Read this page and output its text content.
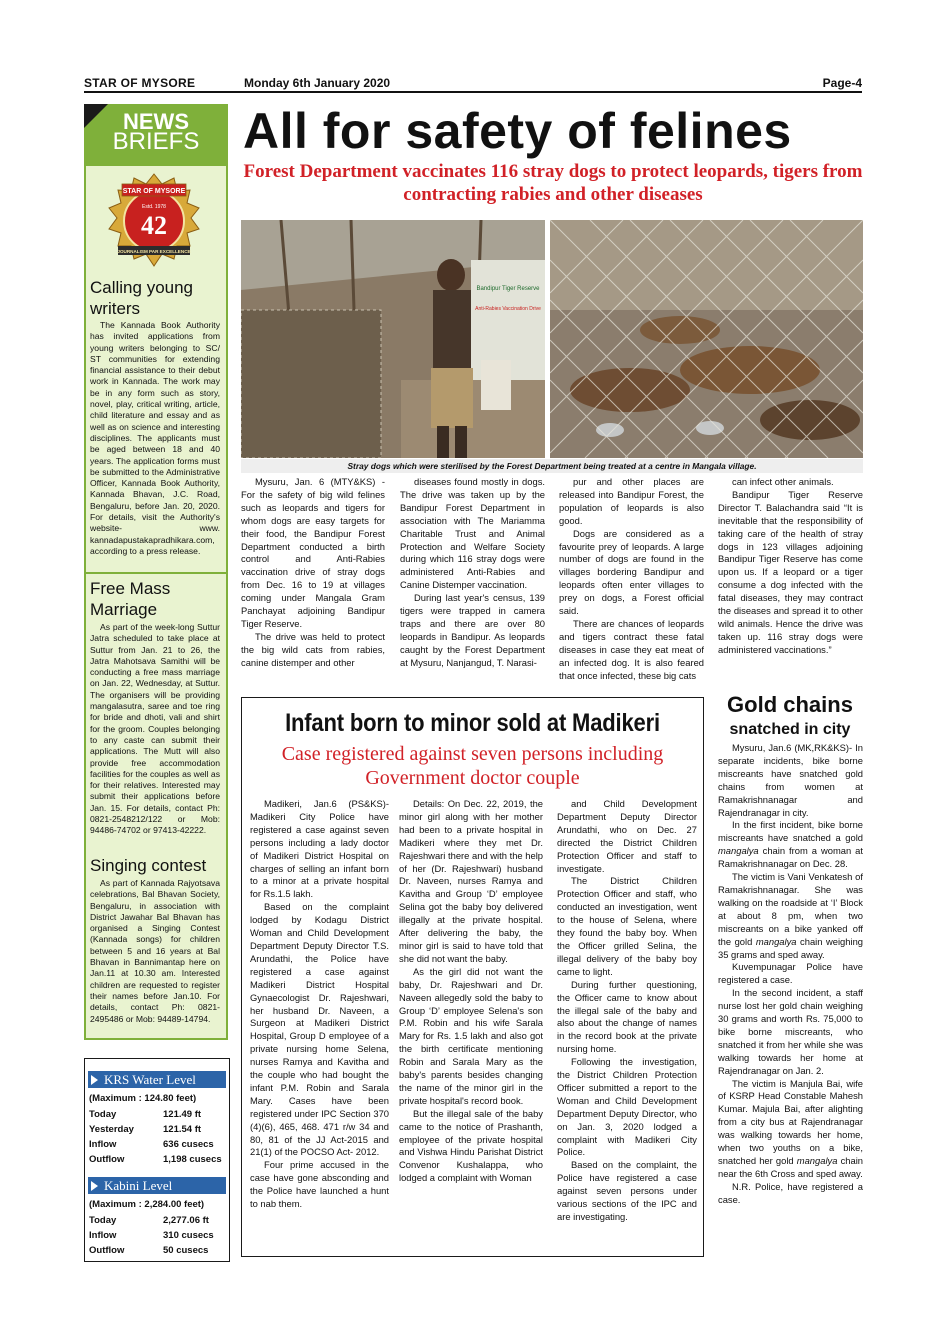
STAR OF MYSORE	Monday 6th January 2020	Page-4
NEWS
BRIEFS
STAR OF MYSORE
Estd. 1978
42
JOURNALISM PAR EXCELLENCE
Calling young writers
The Kannada Book Authority has invited applications from young writers belonging to SC/ ST communities for extending financial assistance to their debut work in Kannada. The work may be in any form such as story, novel, play, critical writing, article, child literature and essay and as well as on science and interesting disciplines. The applicants must be aged between 18 and 40 years. The application forms must be submitted to the Administrative Officer, Kannada Book Authority, Kannada Bhavan, J.C. Road, Bengaluru, before Jan. 20, 2020. For details, visit the Authority's website- www. kannadapustakapradhikara.com, according to a press release.
Free Mass Marriage
As part of the week-long Suttur Jatra scheduled to take place at Suttur from Jan. 21 to 26, the Jatra Mahotsava Samithi will be conducting a free mass marriage on Jan. 22, Wednesday, at Suttur. The organisers will be providing mangalasutra, saree and toe ring for bride and dhoti, vali and shirt for the groom. Couples belonging to any caste can submit their applications. The Mutt will also provide free accommodation facilities for the couples as well as for their relatives. Interested may submit their applications before Jan. 15. For details, contact Ph: 0821-2548212/122 or Mob: 94486-74702 or 97413-42222.
Singing contest
As part of Kannada Rajyotsava celebrations, Bal Bhavan Society, Bengaluru, in association with District Jawahar Bal Bhavan has organised a Singing Contest (Kannada songs) for children between 5 and 16 years at Bal Bhavan in Bannimantap here on Jan.11 at 10.30 am. Interested children are requested to register their names before Jan.10. For details, contact Ph: 0821-2495486 or Mob: 94489-14794.
KRS Water Level
(Maximum : 124.80 feet)
Today	121.49 ft
Yesterday	121.54 ft
Inflow	636 cusecs
Outflow	1,198 cusecs
Kabini Level
(Maximum : 2,284.00 feet)
Today	2,277.06 ft
Inflow	310 cusecs
Outflow	50 cusecs
All for safety of felines
Forest Department vaccinates 116 stray dogs to protect leopards, tigers from contracting rabies and other diseases
Bandipur Tiger Reserve
Anti-Rabies Vaccination Drive
Stray dogs which were sterilised by the Forest Department being treated at a centre in Mangala village.

Mysuru, Jan. 6 (MTY&KS) - For the safety of big wild felines such as leopards and tigers for whom dogs are easy targets for their food, the Bandipur Forest Department conducted a birth control and Anti-Rabies vaccination drive of stray dogs from Dec. 16 to 19 at villages coming under Mangala Gram Panchayat adjoining Bandipur Tiger Reserve.

The drive was held to protect the big wild cats from rabies, canine distemper and other

diseases found mostly in dogs. The drive was taken up by the Bandipur Forest Department in association with The Mariamma Charitable Trust and Animal Protection and Welfare Society during which 116 stray dogs were administered Anti-Rabies and Canine Distemper vaccination.

During last year's census, 139 tigers were trapped in camera traps and there are over 80 leopards in Bandipur. As leopards caught by the Forest Department at Mysuru, Nanjangud, T. Narasi-

pur and other places are released into Bandipur Forest, the population of leopards is also good.

Dogs are considered as a favourite prey of leopards. A large number of dogs are found in the villages bordering Bandipur and leopards often enter villages to prey on dogs, a Forest official said.

There are chances of leopards and tigers contract these fatal diseases in case they eat meat of an infected dog. It is also feared that once infected, these big cats

can infect other animals.

Bandipur Tiger Reserve Director T. Balachandra said “It is inevitable that the responsibility of taking care of the health of stray dogs in 123 villages adjoining Bandipur Tiger Reserve has come upon us. If a leopard or a tiger consume a dog infected with the fatal diseases, they may contract the diseases and spread it to other wild animals. Hence the drive was taken up. 116 stray dogs were administered vaccinations.”

Infant born to minor sold at Madikeri
Case registered against seven persons including Government doctor couple

Madikeri, Jan.6 (PS&KS)- Madikeri City Police have registered a case against seven persons including a lady doctor of Madikeri District Hospital on charges of selling an infant born to a minor at a private hospital for Rs.1.5 lakh.

Based on the complaint lodged by Kodagu District Woman and Child Development Department Deputy Director T.S. Arundathi, the Police have registered a case against Madikeri District Hospital Gynaecologist Dr. Rajeshwari, her husband Dr. Naveen, a Surgeon at Madikeri District Hospital, Group D employee of a private nursing home Selena, nurses Ramya and Kavitha and the couple who had bought the infant P.M. Robin and Sarala Mary. Cases have been registered under IPC Section 370 (4)(6), 465, 468. 471 r/w 34 and 80, 81 of the JJ Act-2015 and 21(1) of the POCSO Act- 2012.

Four prime accused in the case have gone absconding and the Police have launched a hunt to nab them.

Details: On Dec. 22, 2019, the minor girl along with her mother had been to a private hospital in Madikeri where they met Dr. Rajeshwari there and with the help of her (Dr. Rajeshwari) husband Dr. Naveen, nurses Ramya and Kavitha and Group ‘D’ employee Selina got the baby boy delivered illegally at the private hospital. After delivering the baby, the minor girl is said to have told that she did not want the baby.

As the girl did not want the baby, Dr. Rajeshwari and Dr. Naveen allegedly sold the baby to Group ‘D’ employee Selena's son P.M. Robin and his wife Sarala Mary for Rs. 1.5 lakh and also got the birth certificate mentioning Robin and Sarala Mary as the baby's parents besides changing the name of the minor girl in the private hospital's record book.

But the illegal sale of the baby came to the notice of Prashanth, employee of the private hospital and Vishwa Hindu Parishat District Convenor Kushalappa, who lodged a complaint with Woman

and Child Development Department Deputy Director Arundathi, who on Dec. 27 directed the District Children Protection Officer and staff to investigate.

The District Children Protection Officer and staff, who conducted an investigation, went to the house of Selena, where they found the baby boy. When the Officer grilled Selina, the illegal delivery of the baby boy came to light.

During further questioning, the Officer came to know about the illegal sale of the baby and also about the change of names in the record book at the private nursing home.

Following the investigation, the District Children Protection Officer submitted a report to the Woman and Child Development Department Deputy Director, who on Jan. 3, 2020 lodged a complaint with Madikeri City Police.

Based on the complaint, the Police have registered a case against seven persons under various sections of the IPC and are investigating.

Gold chains
snatched in city

Mysuru, Jan.6 (MK,RK&KS)- In separate incidents, bike borne miscreants have snatched gold chains from women at Ramakrishnanagar and Rajendranagar in city.

In the first incident, bike borne miscreants have snatched a gold mangalya chain from a woman at Ramakrishnanagar on Dec. 28.

The victim is Vani Venkatesh of Ramakrishnanagar. She was walking on the roadside at ‘I’ Block at about 8 pm, when two miscreants on a bike yanked off the gold mangalya chain weighing 35 grams and sped away.

Kuvempunagar Police have registered a case.

In the second incident, a staff nurse lost her gold chain weighing 30 grams and worth Rs. 75,000 to bike borne miscreants, who snatched it from her while she was walking towards her home at Rajendranagar on Jan. 2.

The victim is Manjula Bai, wife of KSRP Head Constable Mahesh Kumar. Majula Bai, after alighting from a city bus at Rajendranagar was walking towards her home, when two youths on a bike, snatched her gold mangalya chain near the 6th Cross and sped away.

N.R. Police, have registered a case.
